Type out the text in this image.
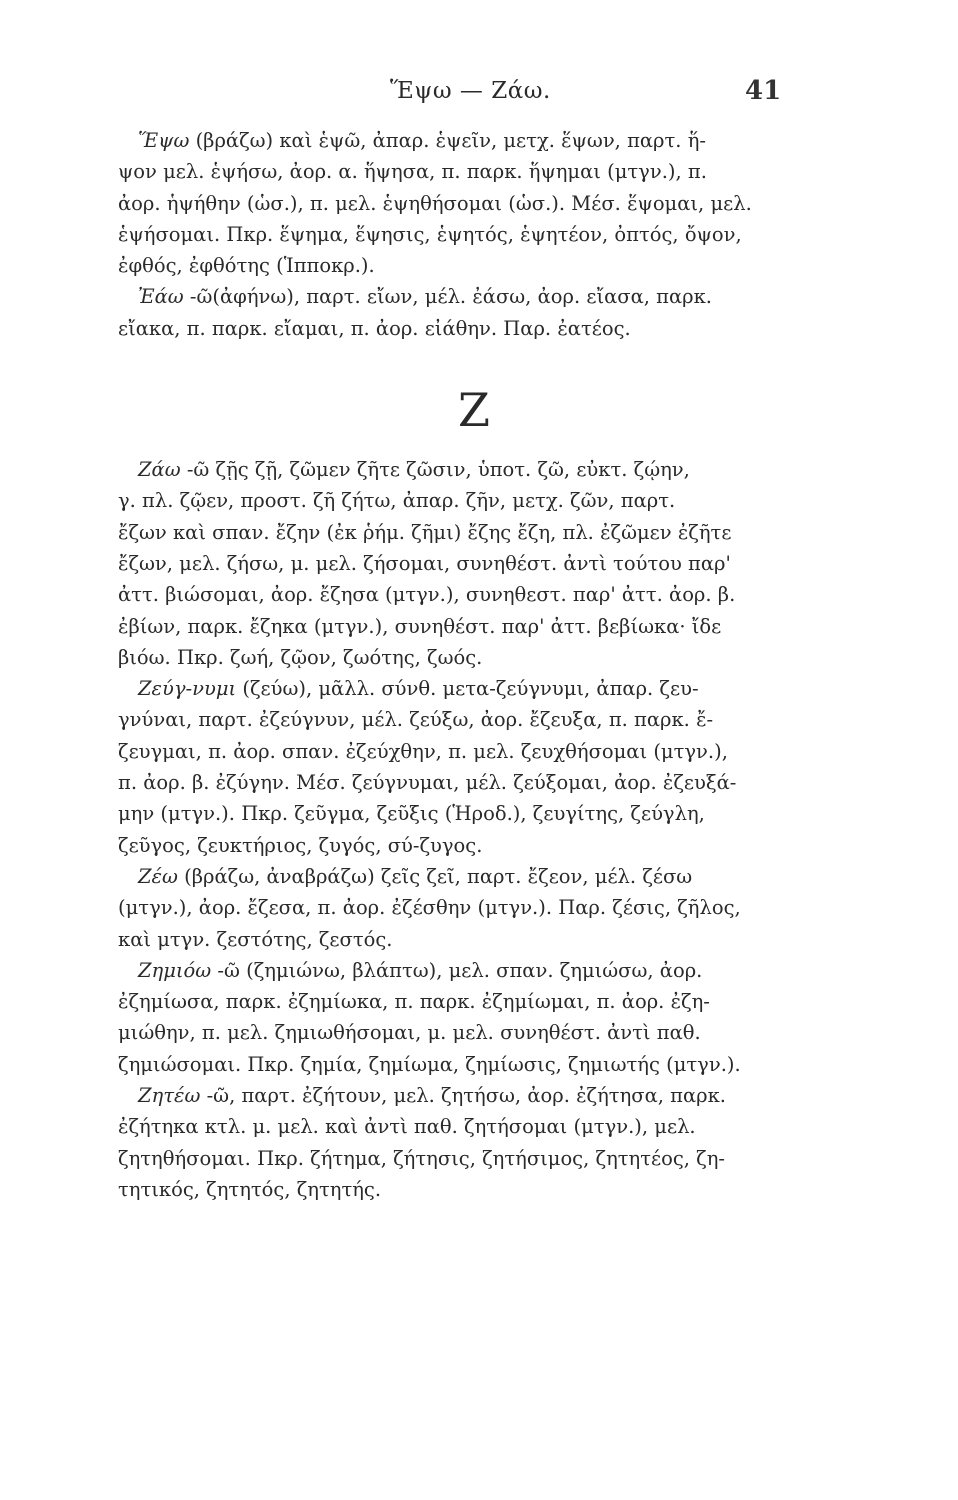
Ἕψω — Ζάω.	41
Ἕψω (βράζω) καὶ ἑψῶ, ἀπαρ. ἑψεῖν, μετχ. ἕψων, παρτ. ἥ-
ψον μελ. ἑψήσω, ἀορ. α. ἥψησα, π. παρκ. ἥψημαι (μτγν.), π.
ἀορ. ἡψήθην (ὡσ.), π. μελ. ἑψηθήσομαι (ὡσ.). Μέσ. ἕψομαι, μελ.
ἑψήσομαι. Πκρ. ἕψημα, ἕψησις, ἑψητός, ἑψητέον, ὀπτός, ὄψον,
ἐφθός, ἐφθότης (Ἱπποκρ.).
Ἐάω -ῶ(ἀφήνω), παρτ. εἴων, μέλ. ἐάσω, ἀορ. εἴασα, παρκ.
εἴακα, π. παρκ. εἴαμαι, π. ἀορ. εἰάθην. Παρ. ἐατέος.
Ζ
Ζάω -ῶ ζῇς ζῇ, ζῶμεν ζῆτε ζῶσιν, ὑποτ. ζῶ, εὐκτ. ζῴην,
γ. πλ. ζῷεν, προστ. ζῆ ζήτω, ἀπαρ. ζῆν, μετχ. ζῶν, παρτ.
ἔζων καὶ σπαν. ἔζην (ἐκ ῥήμ. ζῆμι) ἔζης ἔζη, πλ. ἐζῶμεν ἐζῆτε
ἔζων, μελ. ζήσω, μ. μελ. ζήσομαι, συνηθέστ. ἀντὶ τούτου παρ'
ἀττ. βιώσομαι, ἀορ. ἔζησα (μτγν.), συνηθεστ. παρ' ἀττ. ἀορ. β.
ἐβίων, παρκ. ἔζηκα (μτγν.), συνηθέστ. παρ' ἀττ. βεβίωκα· ἴδε
βιόω. Πκρ. ζωή, ζῷον, ζωότης, ζωός.
Ζεύγ-νυμι (ζεύω), μᾶλλ. σύνθ. μετα-ζεύγνυμι, ἀπαρ. ζευ-
γνύναι, παρτ. ἐζεύγνυν, μέλ. ζεύξω, ἀορ. ἔζευξα, π. παρκ. ἔ-
ζευγμαι, π. ἀορ. σπαν. ἐζεύχθην, π. μελ. ζευχθήσομαι (μτγν.),
π. ἀορ. β. ἐζύγην. Μέσ. ζεύγνυμαι, μέλ. ζεύξομαι, ἀορ. ἐζευξά-
μην (μτγν.). Πκρ. ζεῦγμα, ζεῦξις (Ἡροδ.), ζευγίτης, ζεύγλη,
ζεῦγος, ζευκτήριος, ζυγός, σύ-ζυγος.
Ζέω (βράζω, ἀναβράζω) ζεῖς ζεῖ, παρτ. ἔζεον, μέλ. ζέσω
(μτγν.), ἀορ. ἔζεσα, π. ἀορ. ἐζέσθην (μτγν.). Παρ. ζέσις, ζῆλος,
καὶ μτγν. ζεστότης, ζεστός.
Ζημιόω -ῶ (ζημιώνω, βλάπτω), μελ. σπαν. ζημιώσω, ἀορ.
ἐζημίωσα, παρκ. ἐζημίωκα, π. παρκ. ἐζημίωμαι, π. ἀορ. ἐζη-
μιώθην, π. μελ. ζημιωθήσομαι, μ. μελ. συνηθέστ. ἀντὶ παθ.
ζημιώσομαι. Πκρ. ζημία, ζημίωμα, ζημίωσις, ζημιωτής (μτγν.).
Ζητέω -ῶ, παρτ. ἐζήτουν, μελ. ζητήσω, ἀορ. ἐζήτησα, παρκ.
ἐζήτηκα κτλ. μ. μελ. καὶ ἀντὶ παθ. ζητήσομαι (μτγν.), μελ.
ζητηθήσομαι. Πκρ. ζήτημα, ζήτησις, ζητήσιμος, ζητητέος, ζη-
τητικός, ζητητός, ζητητής.
